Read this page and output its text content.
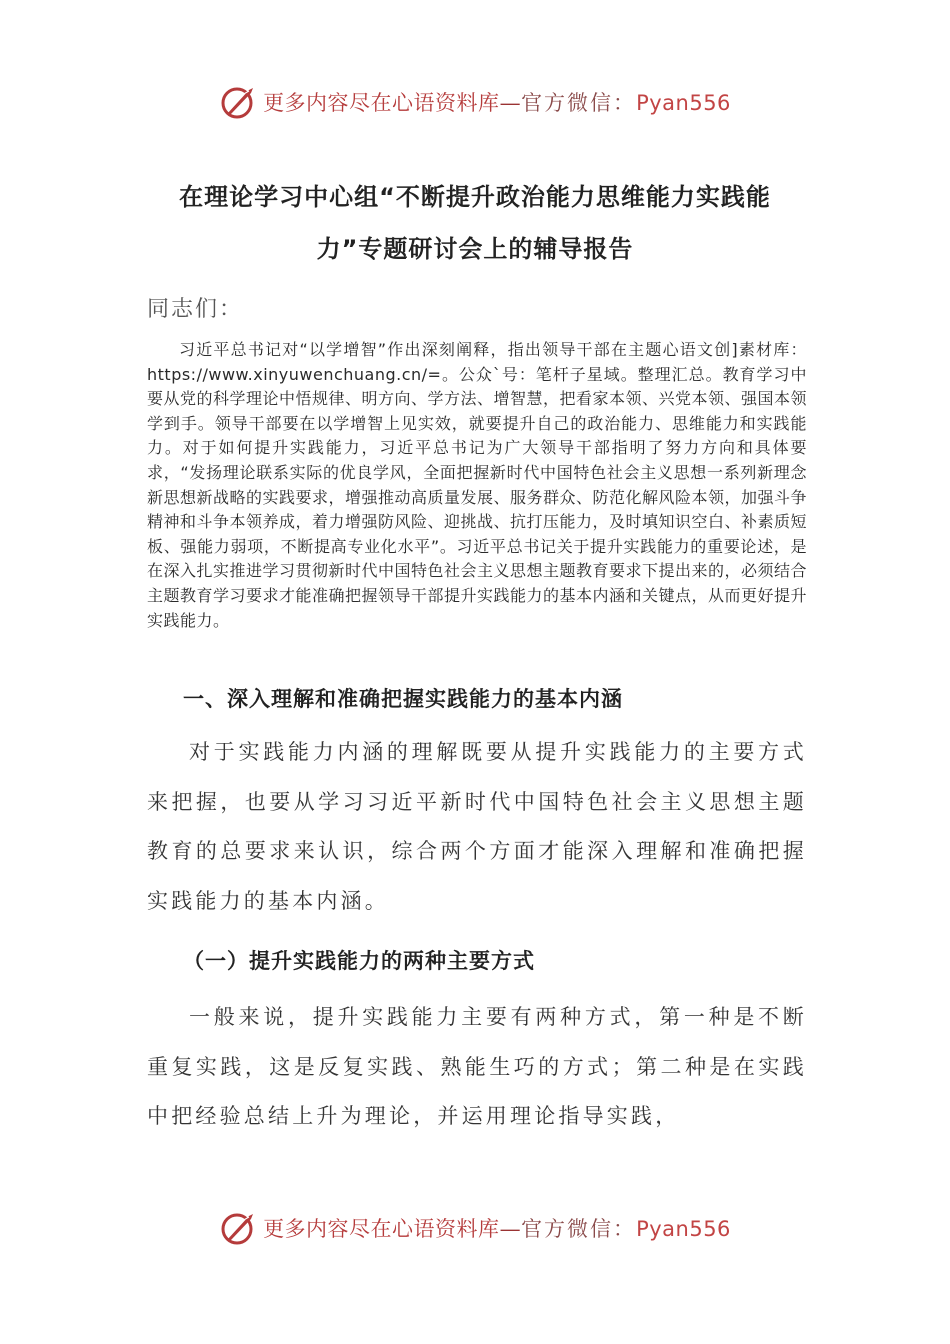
更多内容尽在心语资料库—官方微信：Pyan556
在理论学习中心组“不断提升政治能力思维能力实践能
力”专题研讨会上的辅导报告
同志们：
习近平总书记对“以学增智”作出深刻阐释，指出领导干部在主题心语文创]素材库：https://www.xinyuwenchuang.cn/=。公众`号：笔杆子星域。整理汇总。教育学习中要从党的科学理论中悟规律、明方向、学方法、增智慧，把看家本领、兴党本领、强国本领学到手。领导干部要在以学增智上见实效，就要提升自己的政治能力、思维能力和实践能力。对于如何提升实践能力，习近平总书记为广大领导干部指明了努力方向和具体要求，“发扬理论联系实际的优良学风，全面把握新时代中国特色社会主义思想一系列新理念新思想新战略的实践要求，增强推动高质量发展、服务群众、防范化解风险本领，加强斗争精神和斗争本领养成，着力增强防风险、迎挑战、抗打压能力，及时填知识空白、补素质短板、强能力弱项，不断提高专业化水平”。习近平总书记关于提升实践能力的重要论述，是在深入扎实推进学习贯彻新时代中国特色社会主义思想主题教育要求下提出来的，必须结合主题教育学习要求才能准确把握领导干部提升实践能力的基本内涵和关键点，从而更好提升实践能力。
一、深入理解和准确把握实践能力的基本内涵
对于实践能力内涵的理解既要从提升实践能力的主要方式来把握，也要从学习习近平新时代中国特色社会主义思想主题教育的总要求来认识，综合两个方面才能深入理解和准确把握实践能力的基本内涵。
（一）提升实践能力的两种主要方式
一般来说，提升实践能力主要有两种方式，第一种是不断重复实践，这是反复实践、熟能生巧的方式；第二种是在实践中把经验总结上升为理论，并运用理论指导实践，
更多内容尽在心语资料库—官方微信：Pyan556
